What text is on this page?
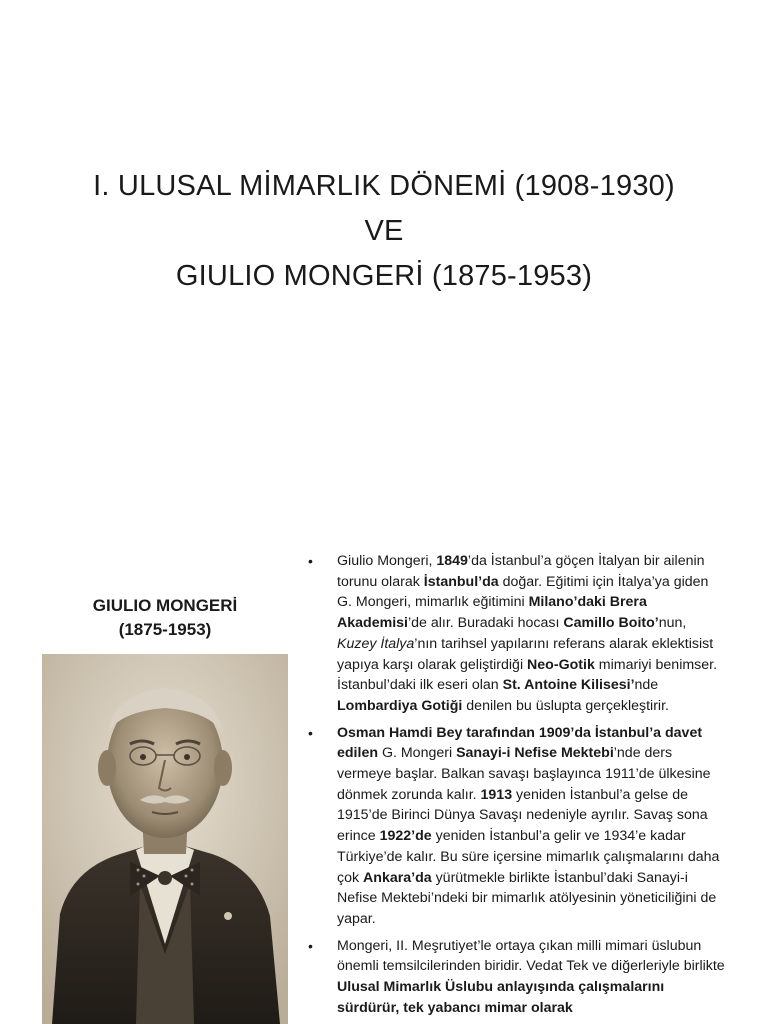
I. ULUSAL MİMARLIK DÖNEMİ (1908-1930)
VE
GIULIO MONGERİ (1875-1953)
GIULIO MONGERİ
(1875-1953)
•	Giulio Mongeri, 1849’da İstanbul’a göçen İtalyan bir ailenin torunu olarak İstanbul’da doğar. Eğitimi için İtalya’ya giden G. Mongeri, mimarlık eğitimini Milano’daki Brera Akademisi’de alır. Buradaki hocası Camillo Boito’nun, Kuzey İtalya’nın tarihsel yapılarını referans alarak eklektisist yapıya karşı olarak geliştirdiği Neo-Gotik mimariyi benimser. İstanbul’daki ilk eseri olan St. Antoine Kilisesi’nde Lombardiya Gotiği denilen bu üslupta gerçekleştirir.
•	Osman Hamdi Bey tarafından 1909’da İstanbul’a davet edilen G. Mongeri Sanayi-i Nefise Mektebi’nde ders vermeye başlar. Balkan savaşı başlayınca 1911’de ülkesine dönmek zorunda kalır. 1913 yeniden İstanbul’a gelse de 1915’de Birinci Dünya Savaşı nedeniyle ayrılır. Savaş sona erince 1922’de yeniden İstanbul’a gelir ve 1934’e kadar Türkiye’de kalır. Bu süre içersine mimarlık çalışmalarını daha çok Ankara’da yürütmekle birlikte İstanbul’daki Sanayi-i Nefise Mektebi’ndeki bir mimarlık atölyesinin yöneticiliğini de yapar.
•	Mongeri, II. Meşrutiyet’le ortaya çıkan milli mimari üslubun önemli temsilcilerinden biridir. Vedat Tek ve diğerleriyle birlikte Ulusal Mimarlık Üslubu anlayışında çalışmalarını sürdürür, tek yabancı mimar olarak
